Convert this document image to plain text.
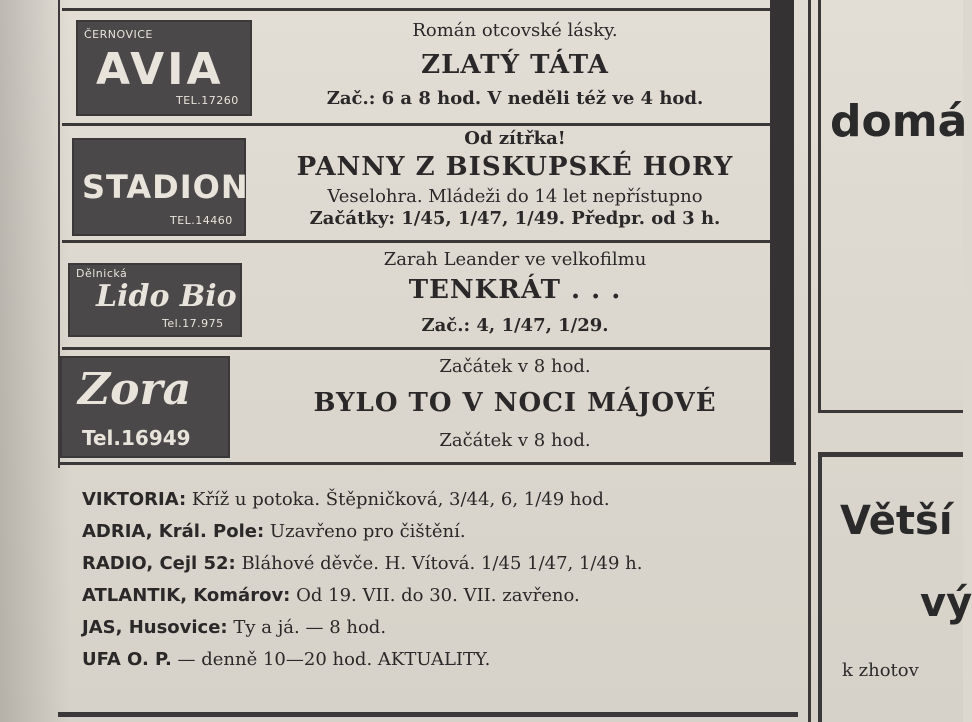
ČERNOVICE
AVIA
TEL.17260
Román otcovské lásky.
ZLATÝ TÁTA
Zač.: 6 a 8 hod. V neděli též ve 4 hod.
STADION
TEL.14460
Od zítřka!
PANNY Z BISKUPSKÉ HORY
Veselohra. Mládeži do 14 let nepřístupno
Začátky: 1/45, 1/47, 1/49. Předpr. od 3 h.
Dělnická
Lido Bio
Tel.17.975
Zarah Leander ve velkofilmu
TENKRÁT . . .
Zač.: 4, 1/47, 1/29.
Zora
Tel.16949
Začátek v 8 hod.
BYLO TO V NOCI MÁJOVÉ
Začátek v 8 hod.
VIKTORIA: Kříž u potoka. Štěpničková, 3/44, 6, 1/49 hod.
ADRIA, Král. Pole: Uzavřeno pro čištění.
RADIO, Cejl 52: Bláhové děvče. H. Vítová. 1/45 1/47, 1/49 h.
ATLANTIK, Komárov: Od 19. VII. do 30. VII. zavřeno.
JAS, Husovice: Ty a já. — 8 hod.
UFA O. P. — denně 10—20 hod. AKTUALITY.
domá
Větší
vý
k zhotov
